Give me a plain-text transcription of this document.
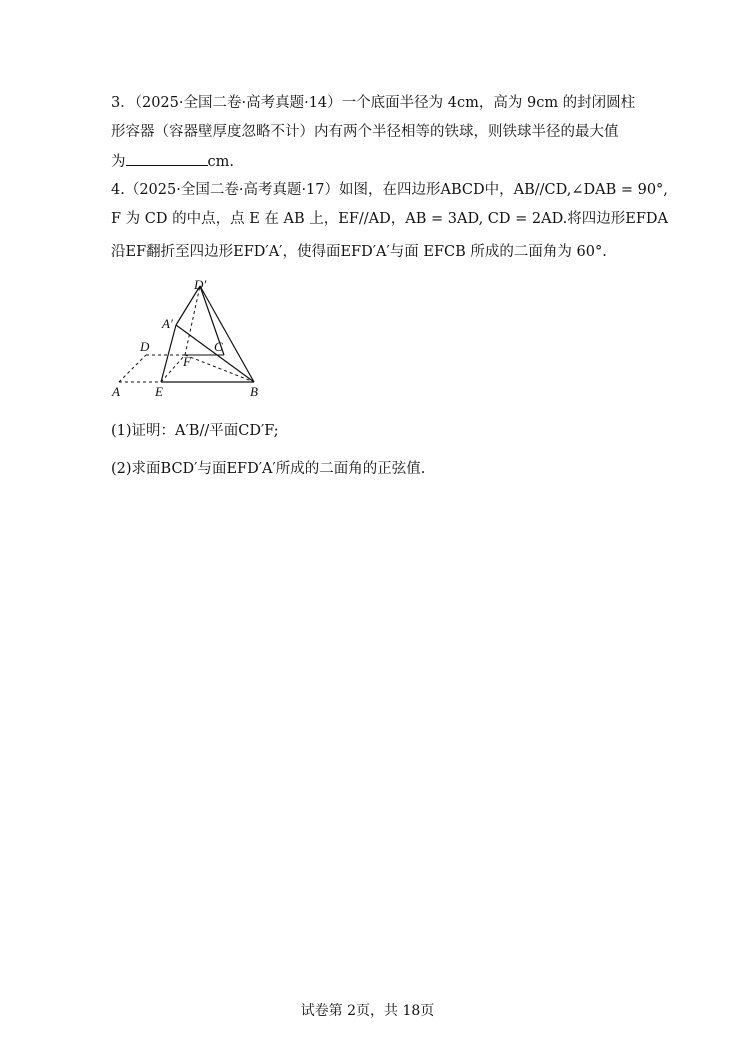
3．（2025·全国二卷·高考真题·14）一个底面半径为 4cm，高为 9cm 的封闭圆柱
形容器（容器壁厚度忽略不计）内有两个半径相等的铁球，则铁球半径的最大值
为	cm.
4.（2025·全国二卷·高考真题·17）如图，在四边形ABCD中，AB//CD,∠DAB = 90°,
F 为 CD 的中点，点 E 在 AB 上，EF//AD，AB = 3AD, CD = 2AD.将四边形EFDA
沿EF翻折至四边形EFD′A′，使得面EFD′A′与面 EFCB 所成的二面角为 60°.
D′
A′
D	C
F
A	E	B
(1)证明：A′B//平面CD′F;
(2)求面BCD′与面EFD′A′所成的二面角的正弦值.
试卷第 2页，共 18页
